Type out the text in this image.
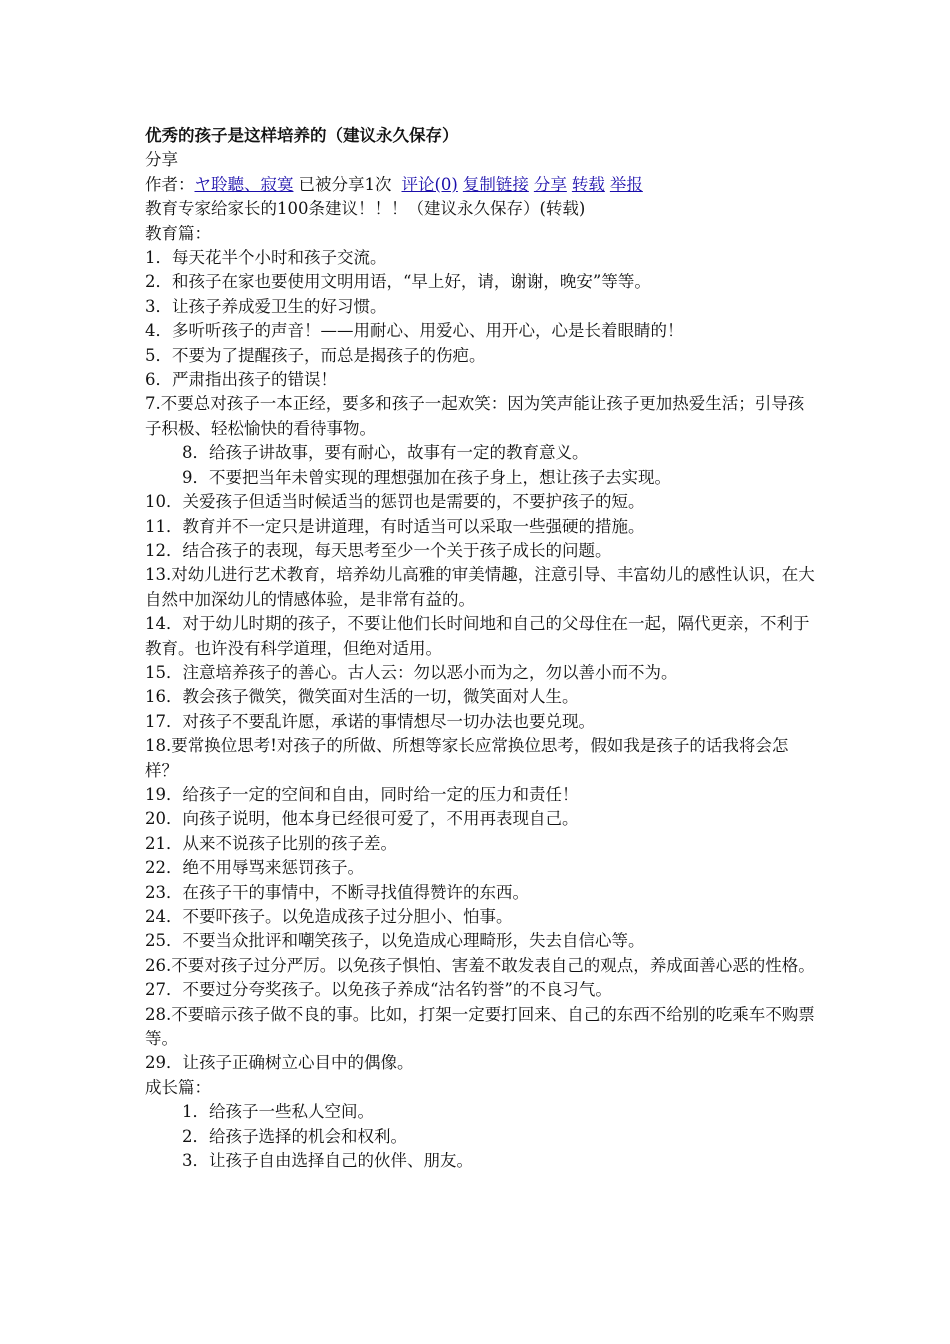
优秀的孩子是这样培养的（建议永久保存）
分享
作者：ヤ聆聽、寂寞 已被分享1次 评论(0) 复制链接 分享 转载 举报
教育专家给家长的100条建议！！！（建议永久保存）(转载)
教育篇：
1．每天花半个小时和孩子交流。
2．和孩子在家也要使用文明用语，“早上好，请，谢谢，晚安”等等。
3．让孩子养成爱卫生的好习惯。
4．多听听孩子的声音！——用耐心、用爱心、用开心，心是长着眼睛的！
5．不要为了提醒孩子，而总是揭孩子的伤疤。
6．严肃指出孩子的错误！
7.不要总对孩子一本正经，要多和孩子一起欢笑：因为笑声能让孩子更加热爱生活；引导孩子积极、轻松愉快的看待事物。
8．给孩子讲故事，要有耐心，故事有一定的教育意义。
9．不要把当年未曾实现的理想强加在孩子身上，想让孩子去实现。
10．关爱孩子但适当时候适当的惩罚也是需要的，不要护孩子的短。
11．教育并不一定只是讲道理，有时适当可以采取一些强硬的措施。
12．结合孩子的表现，每天思考至少一个关于孩子成长的问题。
13.对幼儿进行艺术教育，培养幼儿高雅的审美情趣，注意引导、丰富幼儿的感性认识，在大自然中加深幼儿的情感体验，是非常有益的。
14．对于幼儿时期的孩子，不要让他们长时间地和自己的父母住在一起，隔代更亲，不利于教育。也许没有科学道理，但绝对适用。
15．注意培养孩子的善心。古人云：勿以恶小而为之，勿以善小而不为。
16．教会孩子微笑，微笑面对生活的一切，微笑面对人生。
17．对孩子不要乱许愿，承诺的事情想尽一切办法也要兑现。
18.要常换位思考!对孩子的所做、所想等家长应常换位思考，假如我是孩子的话我将会怎样？
19．给孩子一定的空间和自由，同时给一定的压力和责任！
20．向孩子说明，他本身已经很可爱了，不用再表现自己。
21．从来不说孩子比别的孩子差。
22．绝不用辱骂来惩罚孩子。
23．在孩子干的事情中，不断寻找值得赞许的东西。
24．不要吓孩子。以免造成孩子过分胆小、怕事。
25．不要当众批评和嘲笑孩子，以免造成心理畸形，失去自信心等。
26.不要对孩子过分严厉。以免孩子惧怕、害羞不敢发表自己的观点，养成面善心恶的性格。
27．不要过分夸奖孩子。以免孩子养成“沽名钓誉”的不良习气。
28.不要暗示孩子做不良的事。比如，打架一定要打回来、自己的东西不给别的吃乘车不购票等。
29．让孩子正确树立心目中的偶像。
成长篇：
1．给孩子一些私人空间。
2．给孩子选择的机会和权利。
3．让孩子自由选择自己的伙伴、朋友。
